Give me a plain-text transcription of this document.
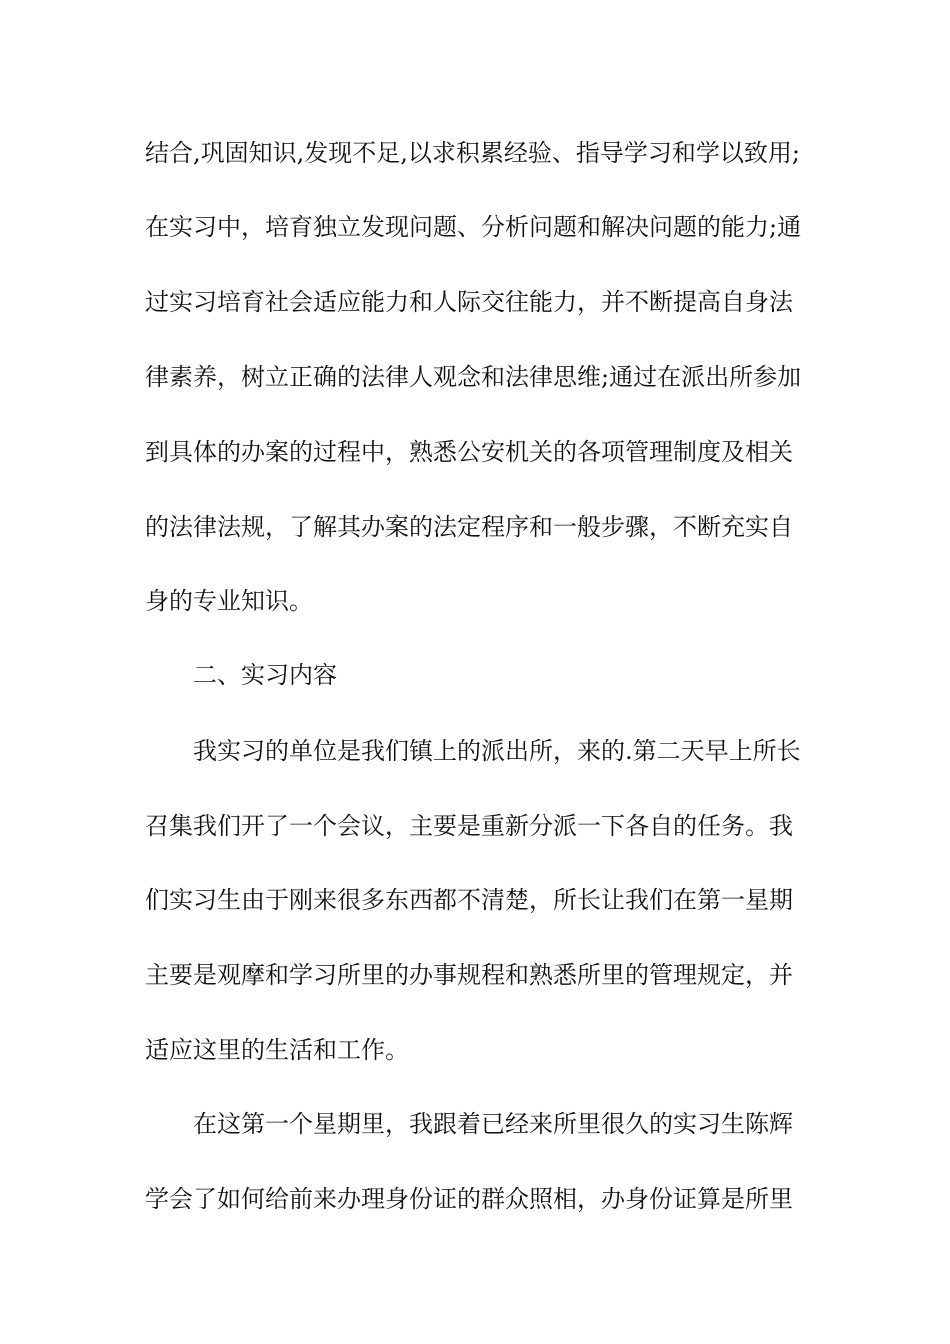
结合,巩固知识,发现不足,以求积累经验、指导学习和学以致用;
在实习中，培育独立发现问题、分析问题和解决问题的能力;通
过实习培育社会适应能力和人际交往能力，并不断提高自身法
律素养，树立正确的法律人观念和法律思维;通过在派出所参加
到具体的办案的过程中，熟悉公安机关的各项管理制度及相关
的法律法规，了解其办案的法定程序和一般步骤，不断充实自
身的专业知识。
二、实习内容
我实习的单位是我们镇上的派出所，来的.第二天早上所长
召集我们开了一个会议，主要是重新分派一下各自的任务。我
们实习生由于刚来很多东西都不清楚，所长让我们在第一星期
主要是观摩和学习所里的办事规程和熟悉所里的管理规定，并
适应这里的生活和工作。
在这第一个星期里，我跟着已经来所里很久的实习生陈辉
学会了如何给前来办理身份证的群众照相，办身份证算是所里
